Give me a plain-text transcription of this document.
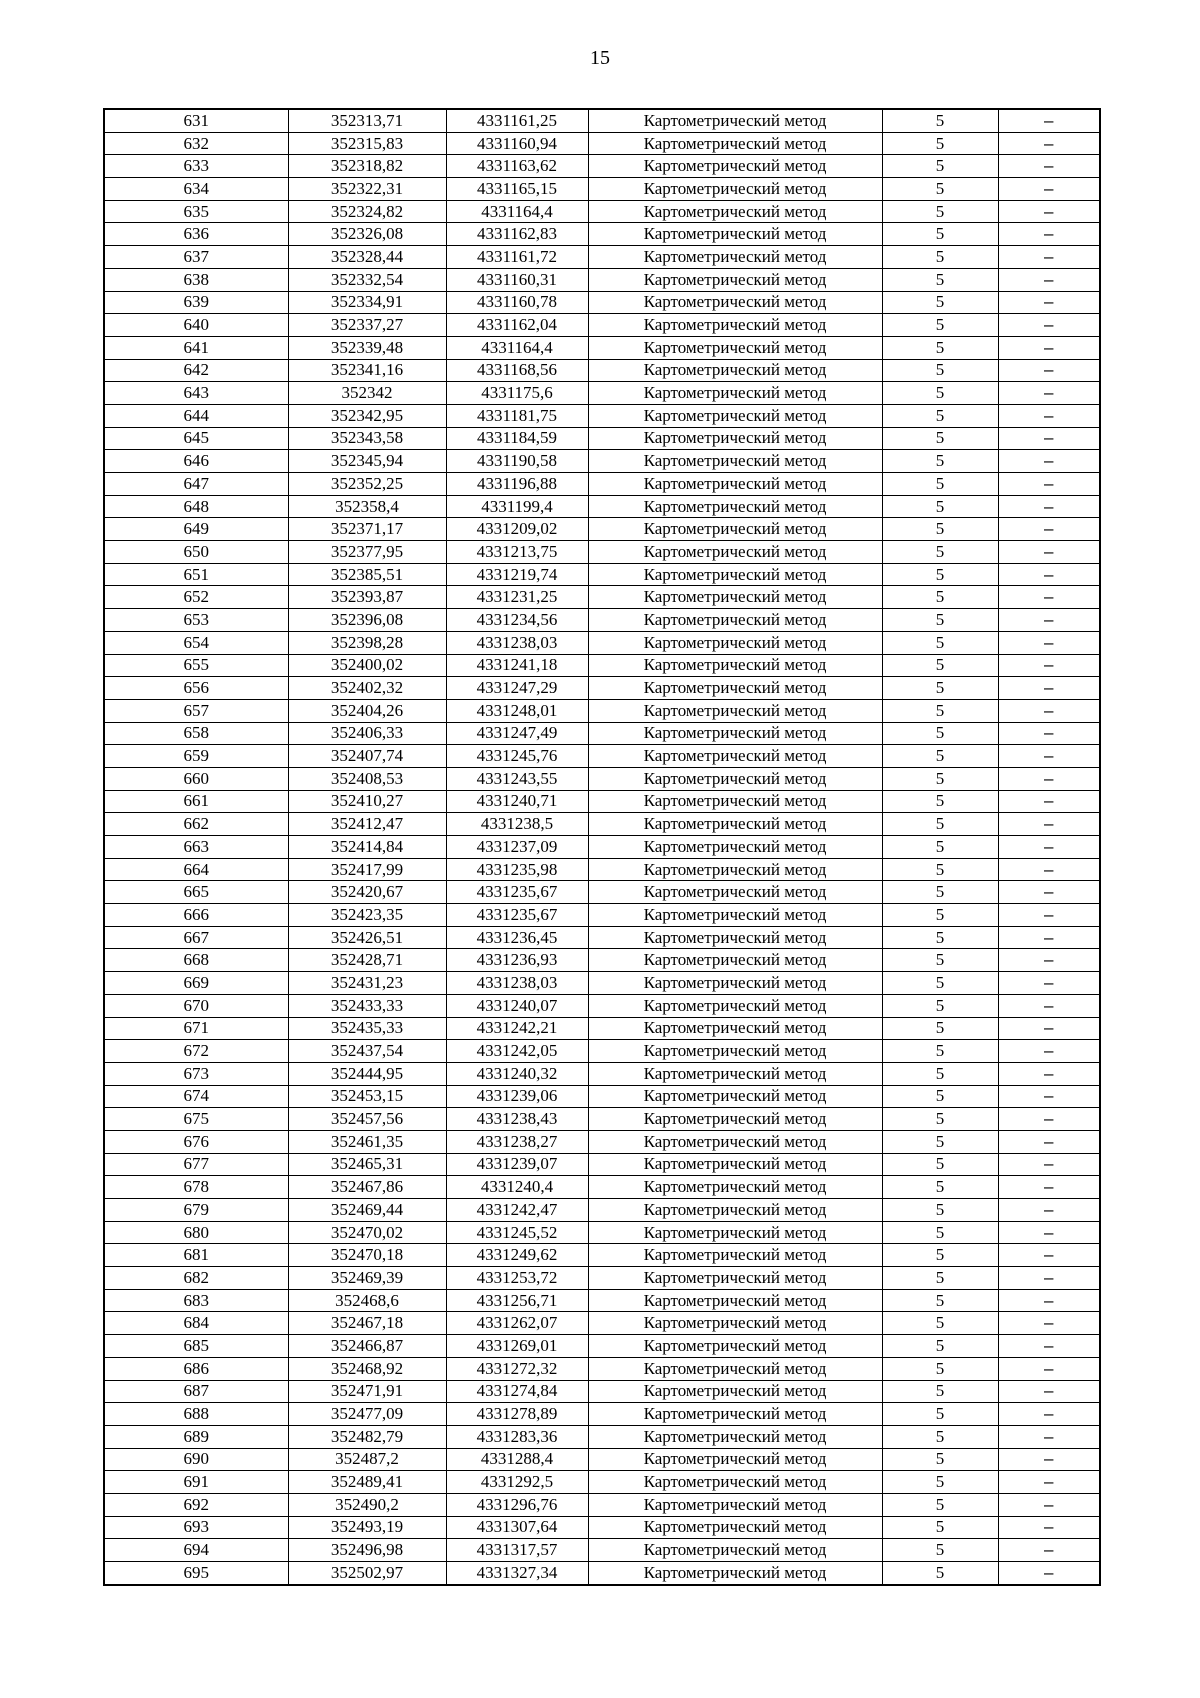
15
631	352313,71	4331161,25	Картометрический метод	5	–
632	352315,83	4331160,94	Картометрический метод	5	–
633	352318,82	4331163,62	Картометрический метод	5	–
634	352322,31	4331165,15	Картометрический метод	5	–
635	352324,82	4331164,4	Картометрический метод	5	–
636	352326,08	4331162,83	Картометрический метод	5	–
637	352328,44	4331161,72	Картометрический метод	5	–
638	352332,54	4331160,31	Картометрический метод	5	–
639	352334,91	4331160,78	Картометрический метод	5	–
640	352337,27	4331162,04	Картометрический метод	5	–
641	352339,48	4331164,4	Картометрический метод	5	–
642	352341,16	4331168,56	Картометрический метод	5	–
643	352342	4331175,6	Картометрический метод	5	–
644	352342,95	4331181,75	Картометрический метод	5	–
645	352343,58	4331184,59	Картометрический метод	5	–
646	352345,94	4331190,58	Картометрический метод	5	–
647	352352,25	4331196,88	Картометрический метод	5	–
648	352358,4	4331199,4	Картометрический метод	5	–
649	352371,17	4331209,02	Картометрический метод	5	–
650	352377,95	4331213,75	Картометрический метод	5	–
651	352385,51	4331219,74	Картометрический метод	5	–
652	352393,87	4331231,25	Картометрический метод	5	–
653	352396,08	4331234,56	Картометрический метод	5	–
654	352398,28	4331238,03	Картометрический метод	5	–
655	352400,02	4331241,18	Картометрический метод	5	–
656	352402,32	4331247,29	Картометрический метод	5	–
657	352404,26	4331248,01	Картометрический метод	5	–
658	352406,33	4331247,49	Картометрический метод	5	–
659	352407,74	4331245,76	Картометрический метод	5	–
660	352408,53	4331243,55	Картометрический метод	5	–
661	352410,27	4331240,71	Картометрический метод	5	–
662	352412,47	4331238,5	Картометрический метод	5	–
663	352414,84	4331237,09	Картометрический метод	5	–
664	352417,99	4331235,98	Картометрический метод	5	–
665	352420,67	4331235,67	Картометрический метод	5	–
666	352423,35	4331235,67	Картометрический метод	5	–
667	352426,51	4331236,45	Картометрический метод	5	–
668	352428,71	4331236,93	Картометрический метод	5	–
669	352431,23	4331238,03	Картометрический метод	5	–
670	352433,33	4331240,07	Картометрический метод	5	–
671	352435,33	4331242,21	Картометрический метод	5	–
672	352437,54	4331242,05	Картометрический метод	5	–
673	352444,95	4331240,32	Картометрический метод	5	–
674	352453,15	4331239,06	Картометрический метод	5	–
675	352457,56	4331238,43	Картометрический метод	5	–
676	352461,35	4331238,27	Картометрический метод	5	–
677	352465,31	4331239,07	Картометрический метод	5	–
678	352467,86	4331240,4	Картометрический метод	5	–
679	352469,44	4331242,47	Картометрический метод	5	–
680	352470,02	4331245,52	Картометрический метод	5	–
681	352470,18	4331249,62	Картометрический метод	5	–
682	352469,39	4331253,72	Картометрический метод	5	–
683	352468,6	4331256,71	Картометрический метод	5	–
684	352467,18	4331262,07	Картометрический метод	5	–
685	352466,87	4331269,01	Картометрический метод	5	–
686	352468,92	4331272,32	Картометрический метод	5	–
687	352471,91	4331274,84	Картометрический метод	5	–
688	352477,09	4331278,89	Картометрический метод	5	–
689	352482,79	4331283,36	Картометрический метод	5	–
690	352487,2	4331288,4	Картометрический метод	5	–
691	352489,41	4331292,5	Картометрический метод	5	–
692	352490,2	4331296,76	Картометрический метод	5	–
693	352493,19	4331307,64	Картометрический метод	5	–
694	352496,98	4331317,57	Картометрический метод	5	–
695	352502,97	4331327,34	Картометрический метод	5	–
